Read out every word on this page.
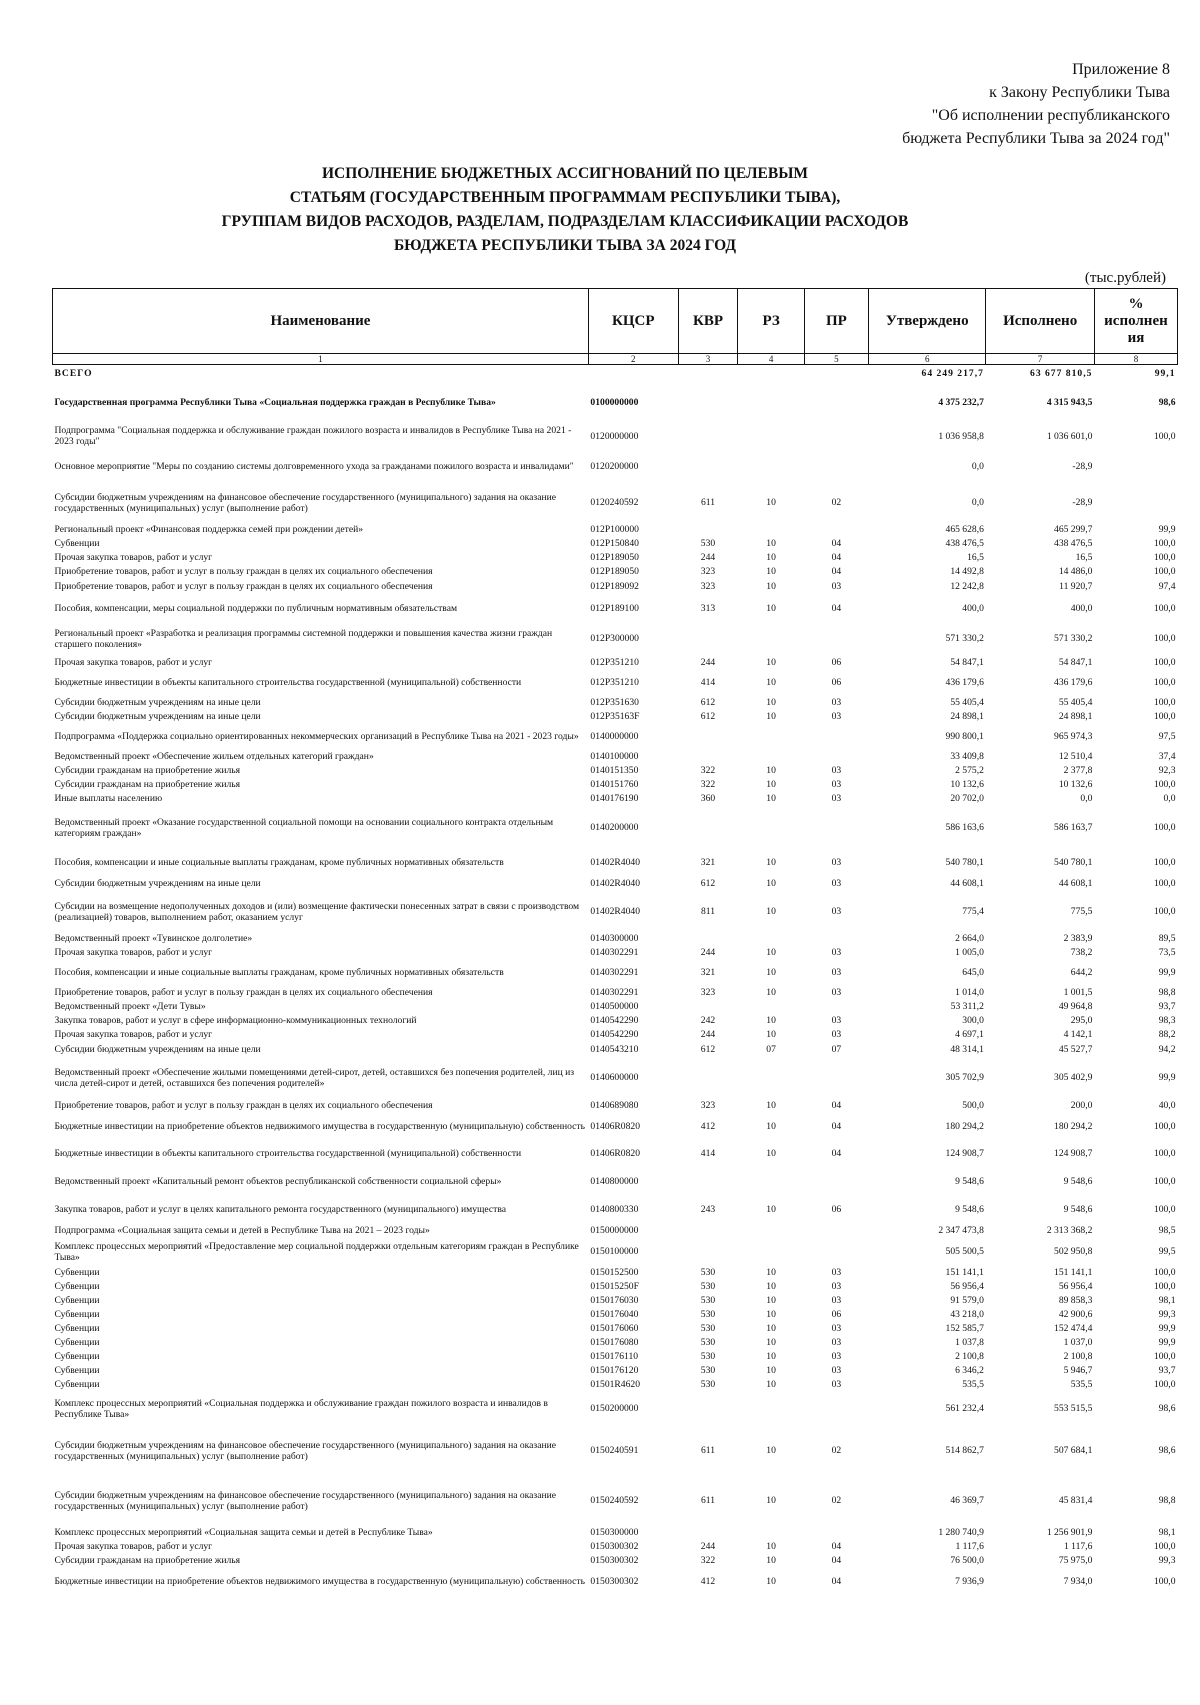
Приложение 8
к Закону Республики Тыва
"Об исполнении республиканского
бюджета Республики Тыва за 2024 год"
ИСПОЛНЕНИЕ БЮДЖЕТНЫХ АССИГНОВАНИЙ ПО ЦЕЛЕВЫМ
СТАТЬЯМ (ГОСУДАРСТВЕННЫМ ПРОГРАММАМ РЕСПУБЛИКИ ТЫВА),
ГРУППАМ ВИДОВ РАСХОДОВ, РАЗДЕЛАМ, ПОДРАЗДЕЛАМ КЛАССИФИКАЦИИ РАСХОДОВ
БЮДЖЕТА РЕСПУБЛИКИ ТЫВА ЗА 2024 ГОД
(тыс.рублей)
Наименование	КЦСР	КВР	РЗ	ПР	Утверждено	Исполнено	% исполнен ия
1	2	3	4	5	6	7	8
ВСЕГО					64 249 217,7	63 677 810,5	99,1
Государственная программа Республики Тыва «Социальная поддержка граждан в Республике Тыва»	0100000000				4 375 232,7	4 315 943,5	98,6
Подпрограмма "Социальная поддержка и обслуживание граждан пожилого возраста и инвалидов в Республике Тыва на 2021 - 2023 годы"	0120000000				1 036 958,8	1 036 601,0	100,0
Основное мероприятие "Меры по созданию системы долговременного ухода за гражданами пожилого возраста и инвалидами"	0120200000				0,0	-28,9	
Субсидии бюджетным учреждениям на финансовое обеспечение государственного (муниципального) задания на оказание государственных (муниципальных) услуг (выполнение работ)	0120240592	611	10	02	0,0	-28,9	
Региональный проект «Финансовая поддержка семей при рождении детей»	012P100000				465 628,6	465 299,7	99,9
Субвенции	012P150840	530	10	04	438 476,5	438 476,5	100,0
Прочая закупка товаров, работ и услуг	012P189050	244	10	04	16,5	16,5	100,0
Приобретение товаров, работ и услуг в пользу граждан в целях их социального обеспечения	012P189050	323	10	04	14 492,8	14 486,0	100,0
Приобретение товаров, работ и услуг в пользу граждан в целях их социального обеспечения	012P189092	323	10	03	12 242,8	11 920,7	97,4
Пособия, компенсации, меры социальной поддержки по публичным нормативным обязательствам	012P189100	313	10	04	400,0	400,0	100,0
Региональный проект «Разработка и реализация программы системной поддержки и повышения качества жизни граждан старшего поколения»	012P300000				571 330,2	571 330,2	100,0
Прочая закупка товаров, работ и услуг	012P351210	244	10	06	54 847,1	54 847,1	100,0
Бюджетные инвестиции в объекты капитального строительства государственной (муниципальной) собственности	012P351210	414	10	06	436 179,6	436 179,6	100,0
Субсидии бюджетным учреждениям на иные цели	012P351630	612	10	03	55 405,4	55 405,4	100,0
Субсидии бюджетным учреждениям на иные цели	012P35163F	612	10	03	24 898,1	24 898,1	100,0
Подпрограмма «Поддержка социально ориентированных некоммерческих организаций в Республике Тыва на 2021 - 2023 годы»	0140000000				990 800,1	965 974,3	97,5
Ведомственный проект «Обеспечение жильем отдельных категорий граждан»	0140100000				33 409,8	12 510,4	37,4
Субсидии гражданам на приобретение жилья	0140151350	322	10	03	2 575,2	2 377,8	92,3
Субсидии гражданам на приобретение жилья	0140151760	322	10	03	10 132,6	10 132,6	100,0
Иные выплаты населению	0140176190	360	10	03	20 702,0	0,0	0,0
Ведомственный проект «Оказание государственной социальной помощи на основании социального контракта отдельным категориям граждан»	0140200000				586 163,6	586 163,7	100,0
Пособия, компенсации и иные социальные выплаты гражданам, кроме публичных нормативных обязательств	01402R4040	321	10	03	540 780,1	540 780,1	100,0
Субсидии бюджетным учреждениям на иные цели	01402R4040	612	10	03	44 608,1	44 608,1	100,0
Субсидии на возмещение недополученных доходов и (или) возмещение фактически понесенных затрат в связи с производством (реализацией) товаров, выполнением работ, оказанием услуг	01402R4040	811	10	03	775,4	775,5	100,0
Ведомственный проект «Тувинское долголетие»	0140300000				2 664,0	2 383,9	89,5
Прочая закупка товаров, работ и услуг	0140302291	244	10	03	1 005,0	738,2	73,5
Пособия, компенсации и иные социальные выплаты гражданам, кроме публичных нормативных обязательств	0140302291	321	10	03	645,0	644,2	99,9
Приобретение товаров, работ и услуг в пользу граждан в целях их социального обеспечения	0140302291	323	10	03	1 014,0	1 001,5	98,8
Ведомственный проект «Дети Тувы»	0140500000				53 311,2	49 964,8	93,7
Закупка товаров, работ и услуг в сфере информационно-коммуникационных технологий	0140542290	242	10	03	300,0	295,0	98,3
Прочая закупка товаров, работ и услуг	0140542290	244	10	03	4 697,1	4 142,1	88,2
Субсидии бюджетным учреждениям на иные цели	0140543210	612	07	07	48 314,1	45 527,7	94,2
Ведомственный проект «Обеспечение жилыми помещениями детей-сирот, детей, оставшихся без попечения родителей, лиц из числа детей-сирот и детей, оставшихся без попечения родителей»	0140600000				305 702,9	305 402,9	99,9
Приобретение товаров, работ и услуг в пользу граждан в целях их социального обеспечения	0140689080	323	10	04	500,0	200,0	40,0
Бюджетные инвестиции на приобретение объектов недвижимого имущества в государственную (муниципальную) собственность	01406R0820	412	10	04	180 294,2	180 294,2	100,0
Бюджетные инвестиции в объекты капитального строительства государственной (муниципальной) собственности	01406R0820	414	10	04	124 908,7	124 908,7	100,0
Ведомственный проект «Капитальный ремонт объектов республиканской собственности социальной сферы»	0140800000				9 548,6	9 548,6	100,0
Закупка товаров, работ и услуг в целях капитального ремонта государственного (муниципального) имущества	0140800330	243	10	06	9 548,6	9 548,6	100,0
Подпрограмма «Социальная защита семьи и детей в Республике Тыва на 2021 – 2023 годы»	0150000000				2 347 473,8	2 313 368,2	98,5
Комплекс процессных мероприятий «Предоставление мер социальной поддержки отдельным категориям граждан в Республике Тыва»	0150100000				505 500,5	502 950,8	99,5
Субвенции	0150152500	530	10	03	151 141,1	151 141,1	100,0
Субвенции	015015250F	530	10	03	56 956,4	56 956,4	100,0
Субвенции	0150176030	530	10	03	91 579,0	89 858,3	98,1
Субвенции	0150176040	530	10	06	43 218,0	42 900,6	99,3
Субвенции	0150176060	530	10	03	152 585,7	152 474,4	99,9
Субвенции	0150176080	530	10	03	1 037,8	1 037,0	99,9
Субвенции	0150176110	530	10	03	2 100,8	2 100,8	100,0
Субвенции	0150176120	530	10	03	6 346,2	5 946,7	93,7
Субвенции	01501R4620	530	10	03	535,5	535,5	100,0
Комплекс процессных мероприятий «Социальная поддержка и обслуживание граждан пожилого возраста и инвалидов в Республике Тыва»	0150200000				561 232,4	553 515,5	98,6
Субсидии бюджетным учреждениям на финансовое обеспечение государственного (муниципального) задания на оказание государственных (муниципальных) услуг (выполнение работ)	0150240591	611	10	02	514 862,7	507 684,1	98,6
Субсидии бюджетным учреждениям на финансовое обеспечение государственного (муниципального) задания на оказание государственных (муниципальных) услуг (выполнение работ)	0150240592	611	10	02	46 369,7	45 831,4	98,8
Комплекс процессных мероприятий «Социальная защита семьи и детей в Республике Тыва»	0150300000				1 280 740,9	1 256 901,9	98,1
Прочая закупка товаров, работ и услуг	0150300302	244	10	04	1 117,6	1 117,6	100,0
Субсидии гражданам на приобретение жилья	0150300302	322	10	04	76 500,0	75 975,0	99,3
Бюджетные инвестиции на приобретение объектов недвижимого имущества в государственную (муниципальную) собственность	0150300302	412	10	04	7 936,9	7 934,0	100,0
